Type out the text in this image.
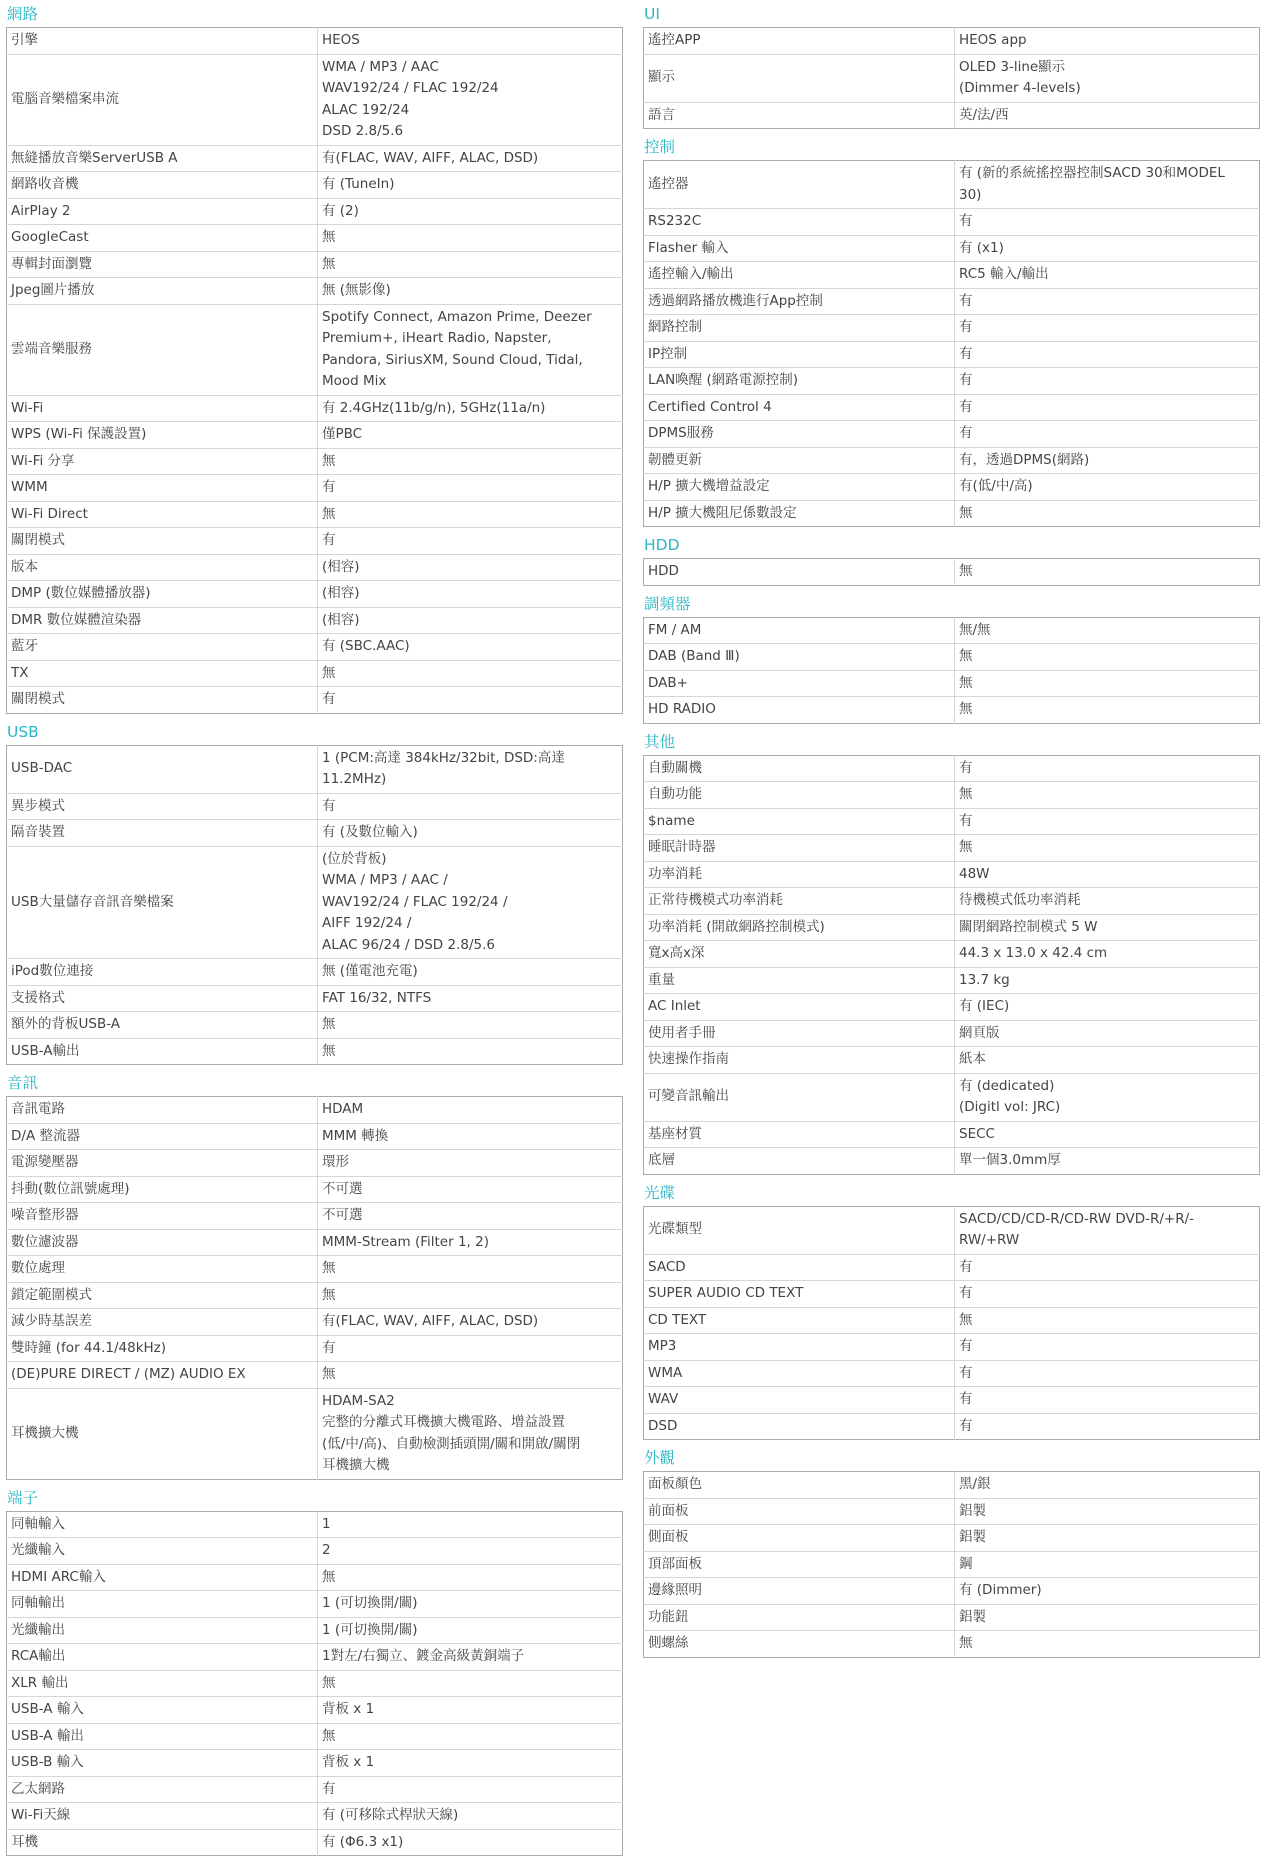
網路
引擎	HEOS
電腦音樂檔案串流	WMA / MP3 / AAC
WAV192/24 / FLAC 192/24
ALAC 192/24
DSD 2.8/5.6
無縫播放音樂ServerUSB A	有(FLAC, WAV, AIFF, ALAC, DSD)
網路收音機	有 (TuneIn)
AirPlay 2	有 (2)
GoogleCast	無
專輯封面瀏覽	無
Jpeg圖片播放	無 (無影像)
雲端音樂服務	Spotify Connect, Amazon Prime, Deezer
Premium+, iHeart Radio, Napster,
Pandora, SiriusXM, Sound Cloud, Tidal,
Mood Mix
Wi-Fi	有 2.4GHz(11b/g/n), 5GHz(11a/n)
WPS (Wi-Fi 保護設置)	僅PBC
Wi-Fi 分享	無
WMM	有
Wi-Fi Direct	無
關閉模式	有
版本	(相容)
DMP (數位媒體播放器)	(相容)
DMR 數位媒體渲染器	(相容)
藍牙	有 (SBC.AAC)
TX	無
關閉模式	有
USB
USB-DAC	1 (PCM:高達 384kHz/32bit, DSD:高達
11.2MHz)
異步模式	有
隔音裝置	有 (及數位輸入)
USB大量儲存音訊音樂檔案	(位於背板)
WMA / MP3 / AAC /
WAV192/24 / FLAC 192/24 /
AIFF 192/24 /
ALAC 96/24 / DSD 2.8/5.6
iPod數位連接	無 (僅電池充電)
支援格式	FAT 16/32, NTFS
額外的背板USB-A	無
USB-A輸出	無
音訊
音訊電路	HDAM
D/A 整流器	MMM 轉換
電源變壓器	環形
抖動(數位訊號處理)	不可選
噪音整形器	不可選
數位濾波器	MMM-Stream (Filter 1, 2)
數位處理	無
鎖定範圍模式	無
減少時基誤差	有(FLAC, WAV, AIFF, ALAC, DSD)
雙時鐘 (for 44.1/48kHz)	有
(DE)PURE DIRECT / (MZ) AUDIO EX	無
耳機擴大機	HDAM-SA2
完整的分離式耳機擴大機電路、增益設置
(低/中/高)、自動檢測插頭開/關和開啟/關閉
耳機擴大機
端子
同軸輸入	1
光纖輸入	2
HDMI ARC輸入	無
同軸輸出	1 (可切換開/關)
光纖輸出	1 (可切換開/關)
RCA輸出	1對左/右獨立、鍍金高級黃銅端子
XLR 輸出	無
USB-A 輸入	背板 x 1
USB-A 輸出	無
USB-B 輸入	背板 x 1
乙太網路	有
Wi-Fi天線	有 (可移除式桿狀天線)
耳機	有 (Φ6.3 x1)
UI
遙控APP	HEOS app
顯示	OLED 3-line顯示
(Dimmer 4-levels)
語言	英/法/西
控制
遙控器	有 (新的系統搖控器控制SACD 30和MODEL
30)
RS232C	有
Flasher 輸入	有 (x1)
遙控輸入/輸出	RC5 輸入/輸出
透過網路播放機進行App控制	有
網路控制	有
IP控制	有
LAN喚醒 (網路電源控制)	有
Certified Control 4	有
DPMS服務	有
韌體更新	有，透過DPMS(網路)
H/P 擴大機增益設定	有(低/中/高)
H/P 擴大機阻尼係數設定	無
HDD
HDD	無
調頻器
FM / AM	無/無
DAB (Band Ⅲ)	無
DAB+	無
HD RADIO	無
其他
自動關機	有
自動功能	無
$name	有
睡眠計時器	無
功率消耗	48W
正常待機模式功率消耗	待機模式低功率消耗
功率消耗 (開啟網路控制模式)	關閉網路控制模式 5 W
寬x高x深	44.3 x 13.0 x 42.4 cm
重量	13.7 kg
AC Inlet	有 (IEC)
使用者手冊	網頁版
快速操作指南	紙本
可變音訊輸出	有 (dedicated)
(Digitl vol: JRC)
基座材質	SECC
底層	單一個3.0mm厚
光碟
光碟類型	SACD/CD/CD-R/CD-RW DVD-R/+R/-
RW/+RW
SACD	有
SUPER AUDIO CD TEXT	有
CD TEXT	無
MP3	有
WMA	有
WAV	有
DSD	有
外觀
面板顏色	黑/銀
前面板	鋁製
側面板	鋁製
頂部面板	鋼
邊緣照明	有 (Dimmer)
功能鈕	鋁製
側螺絲	無
